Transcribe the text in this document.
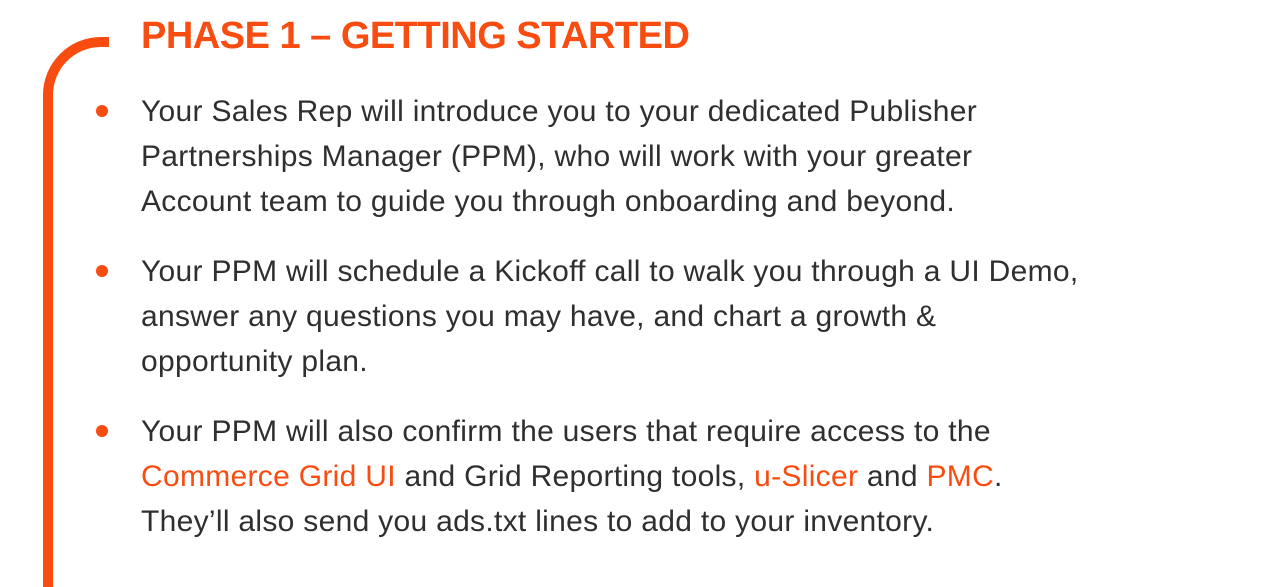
PHASE 1 – GETTING STARTED
Your Sales Rep will introduce you to your dedicated Publisher
Partnerships Manager (PPM), who will work with your greater
Account team to guide you through onboarding and beyond.
Your PPM will schedule a Kickoff call to walk you through a UI Demo,
answer any questions you may have, and chart a growth &
opportunity plan.
Your PPM will also confirm the users that require access to the
Commerce Grid UI and Grid Reporting tools, u-Slicer and PMC.
They’ll also send you ads.txt lines to add to your inventory.
